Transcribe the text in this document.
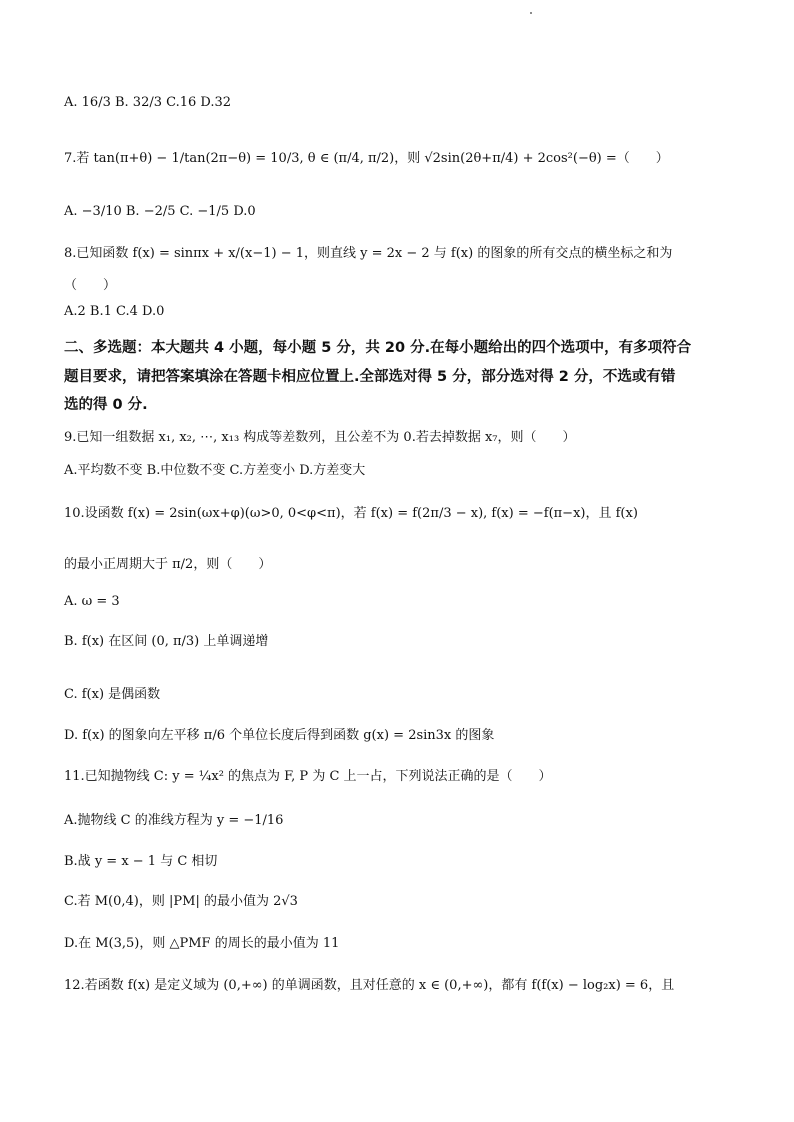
A. 16/3 B. 32/3 C.16 D.32
7.若 tan(π+θ) − 1/tan(2π−θ) = 10/3, θ ∈ (π/4, π/2)，则 √2sin(2θ+π/4) + 2cos²(−θ) =（　　）
A. −3/10 B. −2/5 C. −1/5 D.0
8.已知函数 f(x) = sinπx + x/(x−1) − 1，则直线 y = 2x − 2 与 f(x) 的图象的所有交点的横坐标之和为
（　　）
A.2 B.1 C.4 D.0
二、多选题：本大题共 4 小题，每小题 5 分，共 20 分.在每小题给出的四个选项中，有多项符合
题目要求，请把答案填涂在答题卡相应位置上.全部选对得 5 分，部分选对得 2 分，不选或有错
选的得 0 分.
9.已知一组数据 x₁, x₂, ⋯, x₁₃ 构成等差数列，且公差不为 0.若去掉数据 x₇，则（　　）
A.平均数不变 B.中位数不变 C.方差变小 D.方差变大
10.设函数 f(x) = 2sin(ωx+φ)(ω>0, 0<φ<π)，若 f(x) = f(2π/3 − x), f(x) = −f(π−x)，且 f(x)
的最小正周期大于 π/2，则（　　）
A. ω = 3
B. f(x) 在区间 (0, π/3) 上单调递增
C. f(x) 是偶函数
D. f(x) 的图象向左平移 π/6 个单位长度后得到函数 g(x) = 2sin3x 的图象
11.已知抛物线 C: y = ¼x² 的焦点为 F, P 为 C 上一占，下列说法正确的是（　　）
A.抛物线 C 的准线方程为 y = −1/16
B.战 y = x − 1 与 C 相切
C.若 M(0,4)，则 |PM| 的最小值为 2√3
D.在 M(3,5)，则 △PMF 的周长的最小值为 11
12.若函数 f(x) 是定义域为 (0,+∞) 的单调函数，且对任意的 x ∈ (0,+∞)，都有 f(f(x) − log₂x) = 6，且
